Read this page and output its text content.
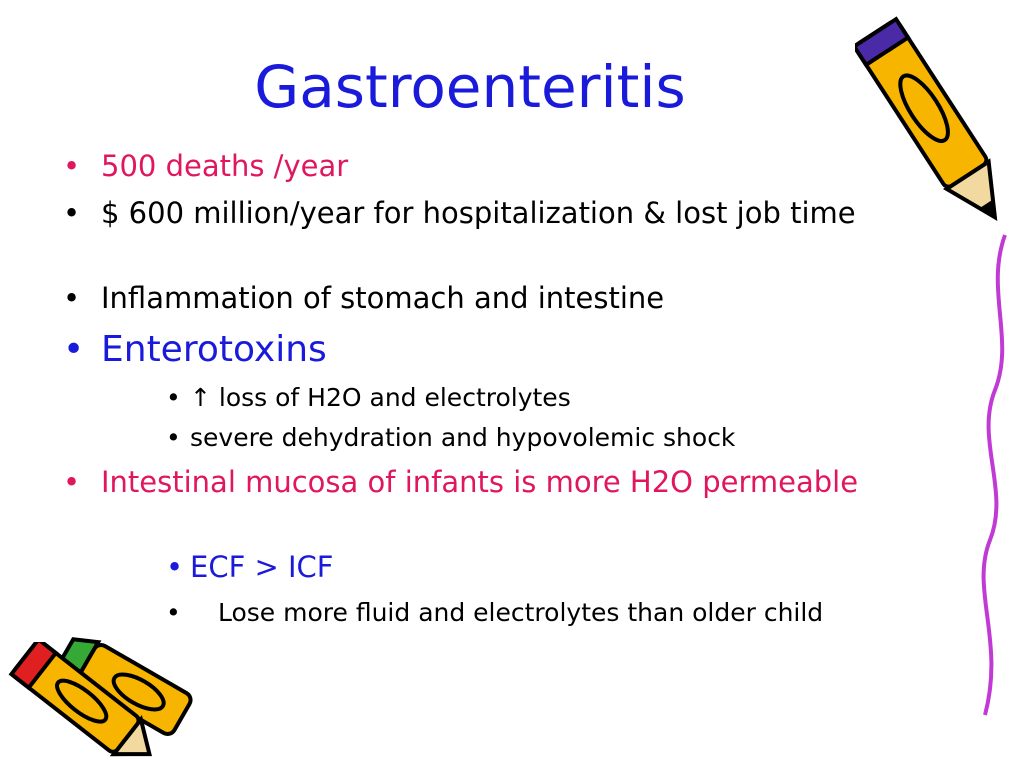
Gastroenteritis
• 500 deaths /year
• $ 600 million/year for hospitalization & lost job time
• Inflammation of stomach and intestine
• Enterotoxins
• ↑ loss of H2O and electrolytes
• severe dehydration and hypovolemic shock
• Intestinal mucosa of infants is more H2O permeable
• ECF > ICF
• Lose more fluid and electrolytes than older child
